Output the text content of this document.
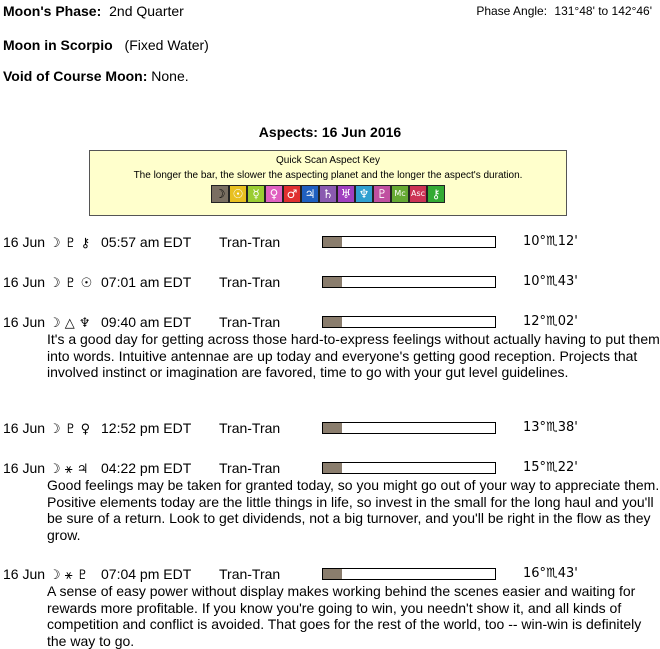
Moon's Phase: 2nd Quarter	Phase Angle: 131°48' to 142°46'
Moon in Scorpio (Fixed Water)
Void of Course Moon: None.
Aspects: 16 Jun 2016
Quick Scan Aspect Key
The longer the bar, the slower the aspecting planet and the longer the aspect's duration.
☽ ☉ ☿ ♀ ♂ ♃ ♄ ♅ ♆ ♇ Mc Asc ⚷
16 Jun ☽ ♇ ⚷ 05:57 am EDT Tran-Tran	10°♏12'
16 Jun ☽ ♇ ☉ 07:01 am EDT Tran-Tran	10°♏43'
16 Jun ☽ △ ♆ 09:40 am EDT Tran-Tran	12°♏02'
It's a good day for getting across those hard-to-express feelings without actually having to put them into words. Intuitive antennae are up today and everyone's getting good reception. Projects that involved instinct or imagination are favored, time to go with your gut level guidelines.
16 Jun ☽ ♇ ♀ 12:52 pm EDT Tran-Tran	13°♏38'
16 Jun ☽ ⚹ ♃ 04:22 pm EDT Tran-Tran	15°♏22'
Good feelings may be taken for granted today, so you might go out of your way to appreciate them. Positive elements today are the little things in life, so invest in the small for the long haul and you'll be sure of a return. Look to get dividends, not a big turnover, and you'll be right in the flow as they grow.
16 Jun ☽ ⚹ ♇ 07:04 pm EDT Tran-Tran	16°♏43'
A sense of easy power without display makes working behind the scenes easier and waiting for rewards more profitable. If you know you're going to win, you needn't show it, and all kinds of competition and conflict is avoided. That goes for the rest of the world, too -- win-win is definitely the way to go.
